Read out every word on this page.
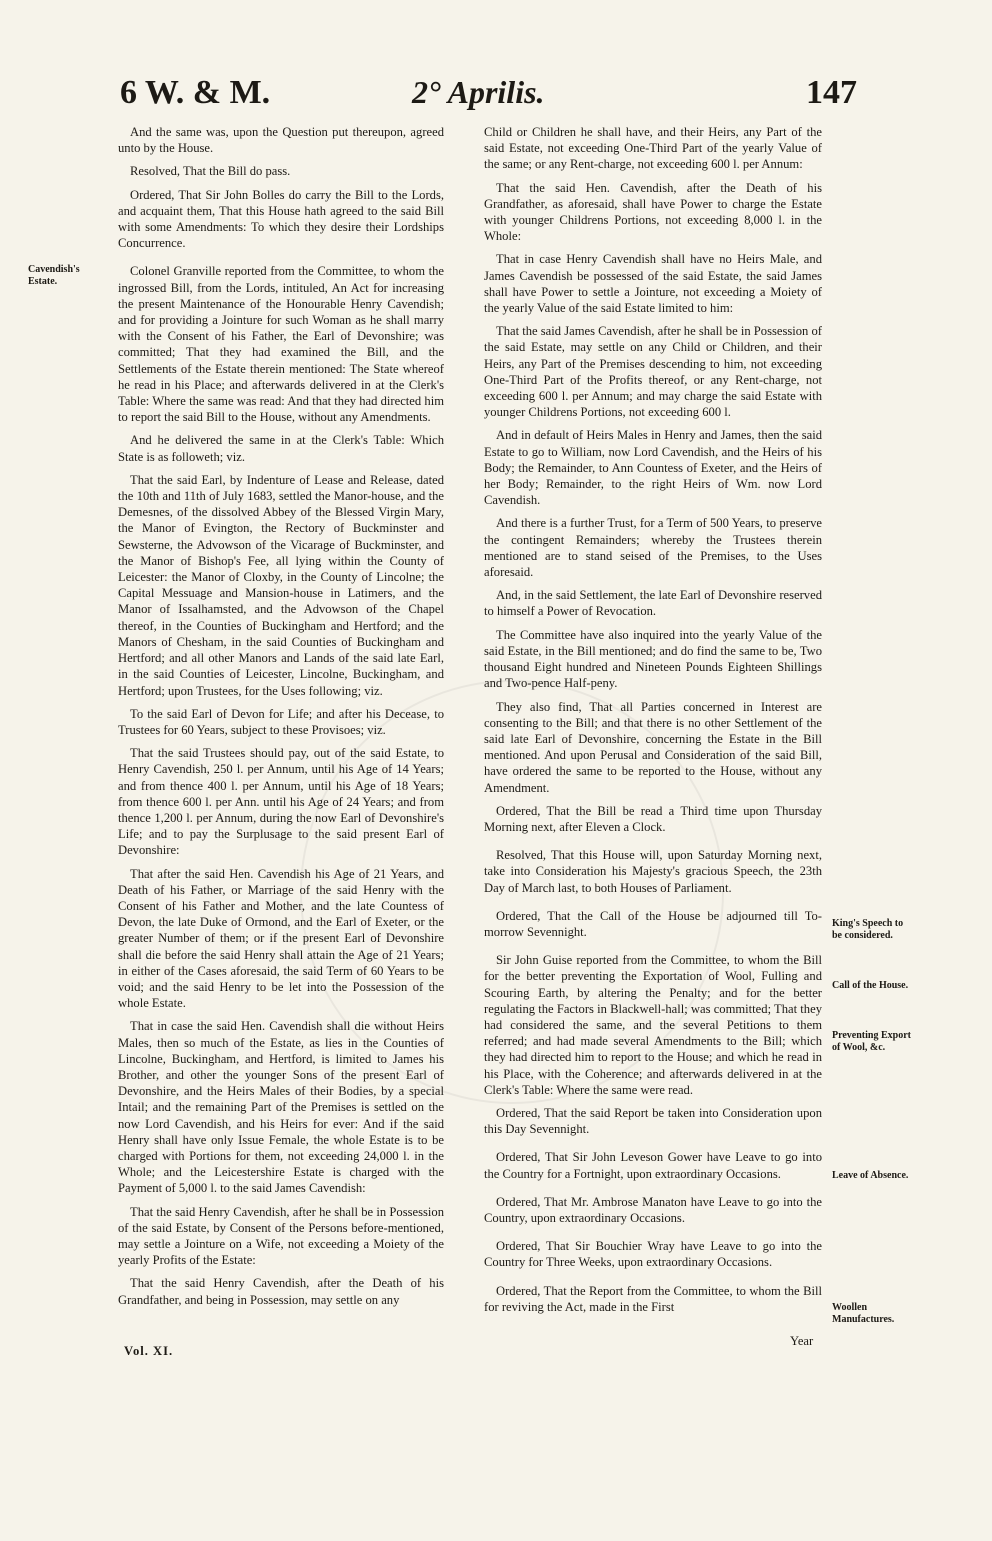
6 W. & M.	2° Aprilis.	147
Cavendish's Estate.
King's Speech to be considered.
Call of the House.
Preventing Export of Wool, &c.
Leave of Absence.
Woollen Manufactures.

And the same was, upon the Question put thereupon, agreed unto by the House.

Resolved, That the Bill do pass.

Ordered, That Sir John Bolles do carry the Bill to the Lords, and acquaint them, That this House hath agreed to the said Bill with some Amendments: To which they desire their Lordships Concurrence.

Colonel Granville reported from the Committee, to whom the ingrossed Bill, from the Lords, intituled, An Act for increasing the present Maintenance of the Honourable Henry Cavendish; and for providing a Jointure for such Woman as he shall marry with the Consent of his Father, the Earl of Devonshire; was committed; That they had examined the Bill, and the Settlements of the Estate therein mentioned: The State whereof he read in his Place; and afterwards delivered in at the Clerk's Table: Where the same was read: And that they had directed him to report the said Bill to the House, without any Amendments.

And he delivered the same in at the Clerk's Table: Which State is as followeth; viz.

That the said Earl, by Indenture of Lease and Release, dated the 10th and 11th of July 1683, settled the Manor-house, and the Demesnes, of the dissolved Abbey of the Blessed Virgin Mary, the Manor of Evington, the Rectory of Buckminster and Sewsterne, the Advowson of the Vicarage of Buckminster, and the Manor of Bishop's Fee, all lying within the County of Leicester: the Manor of Cloxby, in the County of Lincolne; the Capital Messuage and Mansion-house in Latimers, and the Manor of Issalhamsted, and the Advowson of the Chapel thereof, in the Counties of Buckingham and Hertford; and the Manors of Chesham, in the said Counties of Buckingham and Hertford; and all other Manors and Lands of the said late Earl, in the said Counties of Leicester, Lincolne, Buckingham, and Hertford; upon Trustees, for the Uses following; viz.

To the said Earl of Devon for Life; and after his Decease, to Trustees for 60 Years, subject to these Provisoes; viz.

That the said Trustees should pay, out of the said Estate, to Henry Cavendish, 250 l. per Annum, until his Age of 14 Years; and from thence 400 l. per Annum, until his Age of 18 Years; from thence 600 l. per Ann. until his Age of 24 Years; and from thence 1,200 l. per Annum, during the now Earl of Devonshire's Life; and to pay the Surplusage to the said present Earl of Devonshire:

That after the said Hen. Cavendish his Age of 21 Years, and Death of his Father, or Marriage of the said Henry with the Consent of his Father and Mother, and the late Countess of Devon, the late Duke of Ormond, and the Earl of Exeter, or the greater Number of them; or if the present Earl of Devonshire shall die before the said Henry shall attain the Age of 21 Years; in either of the Cases aforesaid, the said Term of 60 Years to be void; and the said Henry to be let into the Possession of the whole Estate.

That in case the said Hen. Cavendish shall die without Heirs Males, then so much of the Estate, as lies in the Counties of Lincolne, Buckingham, and Hertford, is limited to James his Brother, and other the younger Sons of the present Earl of Devonshire, and the Heirs Males of their Bodies, by a special Intail; and the remaining Part of the Premises is settled on the now Lord Cavendish, and his Heirs for ever: And if the said Henry shall have only Issue Female, the whole Estate is to be charged with Portions for them, not exceeding 24,000 l. in the Whole; and the Leicestershire Estate is charged with the Payment of 5,000 l. to the said James Cavendish:

That the said Henry Cavendish, after he shall be in Possession of the said Estate, by Consent of the Persons before-mentioned, may settle a Jointure on a Wife, not exceeding a Moiety of the yearly Profits of the Estate:

That the said Henry Cavendish, after the Death of his Grandfather, and being in Possession, may settle on any

Child or Children he shall have, and their Heirs, any Part of the said Estate, not exceeding One-Third Part of the yearly Value of the same; or any Rent-charge, not exceeding 600 l. per Annum:

That the said Hen. Cavendish, after the Death of his Grandfather, as aforesaid, shall have Power to charge the Estate with younger Childrens Portions, not exceeding 8,000 l. in the Whole:

That in case Henry Cavendish shall have no Heirs Male, and James Cavendish be possessed of the said Estate, the said James shall have Power to settle a Jointure, not exceeding a Moiety of the yearly Value of the said Estate limited to him:

That the said James Cavendish, after he shall be in Possession of the said Estate, may settle on any Child or Children, and their Heirs, any Part of the Premises descending to him, not exceeding One-Third Part of the Profits thereof, or any Rent-charge, not exceeding 600 l. per Annum; and may charge the said Estate with younger Childrens Portions, not exceeding 600 l.

And in default of Heirs Males in Henry and James, then the said Estate to go to William, now Lord Cavendish, and the Heirs of his Body; the Remainder, to Ann Countess of Exeter, and the Heirs of her Body; Remainder, to the right Heirs of Wm. now Lord Cavendish.

And there is a further Trust, for a Term of 500 Years, to preserve the contingent Remainders; whereby the Trustees therein mentioned are to stand seised of the Premises, to the Uses aforesaid.

And, in the said Settlement, the late Earl of Devonshire reserved to himself a Power of Revocation.

The Committee have also inquired into the yearly Value of the said Estate, in the Bill mentioned; and do find the same to be, Two thousand Eight hundred and Nineteen Pounds Eighteen Shillings and Two-pence Half-peny.

They also find, That all Parties concerned in Interest are consenting to the Bill; and that there is no other Settlement of the said late Earl of Devonshire, concerning the Estate in the Bill mentioned. And upon Perusal and Consideration of the said Bill, have ordered the same to be reported to the House, without any Amendment.

Ordered, That the Bill be read a Third time upon Thursday Morning next, after Eleven a Clock.

Resolved, That this House will, upon Saturday Morning next, take into Consideration his Majesty's gracious Speech, the 23th Day of March last, to both Houses of Parliament.

Ordered, That the Call of the House be adjourned till To-morrow Sevennight.

Sir John Guise reported from the Committee, to whom the Bill for the better preventing the Exportation of Wool, Fulling and Scouring Earth, by altering the Penalty; and for the better regulating the Factors in Blackwell-hall; was committed; That they had considered the same, and the several Petitions to them referred; and had made several Amendments to the Bill; which they had directed him to report to the House; and which he read in his Place, with the Coherence; and afterwards delivered in at the Clerk's Table: Where the same were read.

Ordered, That the said Report be taken into Consideration upon this Day Sevennight.

Ordered, That Sir John Leveson Gower have Leave to go into the Country for a Fortnight, upon extraordinary Occasions.

Ordered, That Mr. Ambrose Manaton have Leave to go into the Country, upon extraordinary Occasions.

Ordered, That Sir Bouchier Wray have Leave to go into the Country for Three Weeks, upon extraordinary Occasions.

Ordered, That the Report from the Committee, to whom the Bill for reviving the Act, made in the First

Vol. XI.
Year
